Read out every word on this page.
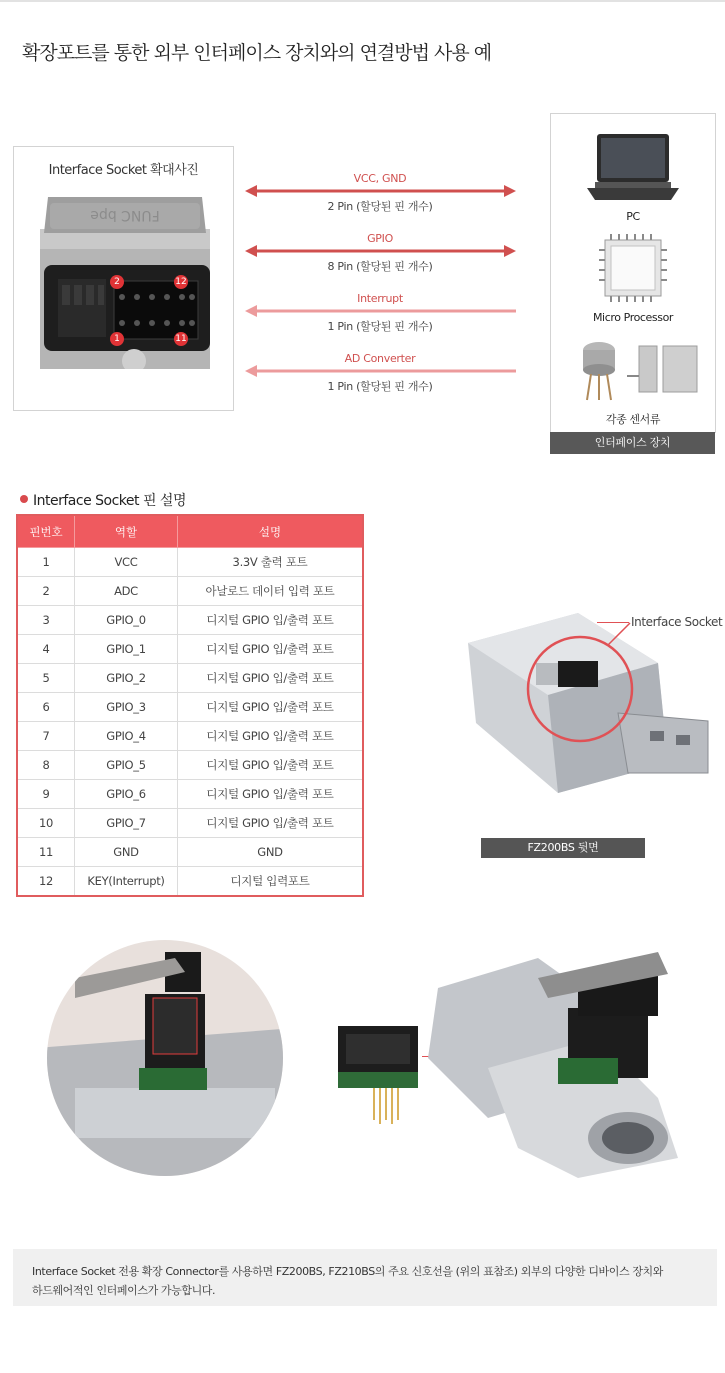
확장포트를 통한 외부 인터페이스 장치와의 연결방법 사용 예
Interface Socket 확대사진
FUNC bpe
2	12
1	11
VCC, GND
2 Pin (할당된 핀 개수)
GPIO
8 Pin (할당된 핀 개수)
Interrupt
1 Pin (할당된 핀 개수)
AD Converter
1 Pin (할당된 핀 개수)
PC
Micro Processor
각종 센서류
인터페이스 장치
Interface Socket 핀 설명
핀번호	역할	설명
1	VCC	3.3V 출력 포트
2	ADC	아날로드 데이터 입력 포트
3	GPIO_0	디지털 GPIO 입/출력 포트
4	GPIO_1	디지털 GPIO 입/출력 포트
5	GPIO_2	디지털 GPIO 입/출력 포트
6	GPIO_3	디지털 GPIO 입/출력 포트
7	GPIO_4	디지털 GPIO 입/출력 포트
8	GPIO_5	디지털 GPIO 입/출력 포트
9	GPIO_6	디지털 GPIO 입/출력 포트
10	GPIO_7	디지털 GPIO 입/출력 포트
11	GND	GND
12	KEY(Interrupt)	디지털 입력포트
Interface Socket
FZ200BS 뒷면
Interface Socket 전용 확장 Connector를 사용하면 FZ200BS, FZ210BS의 주요 신호선을 (위의 표참조) 외부의 다양한 디바이스 장치와
하드웨어적인 인터페이스가 가능합니다.
